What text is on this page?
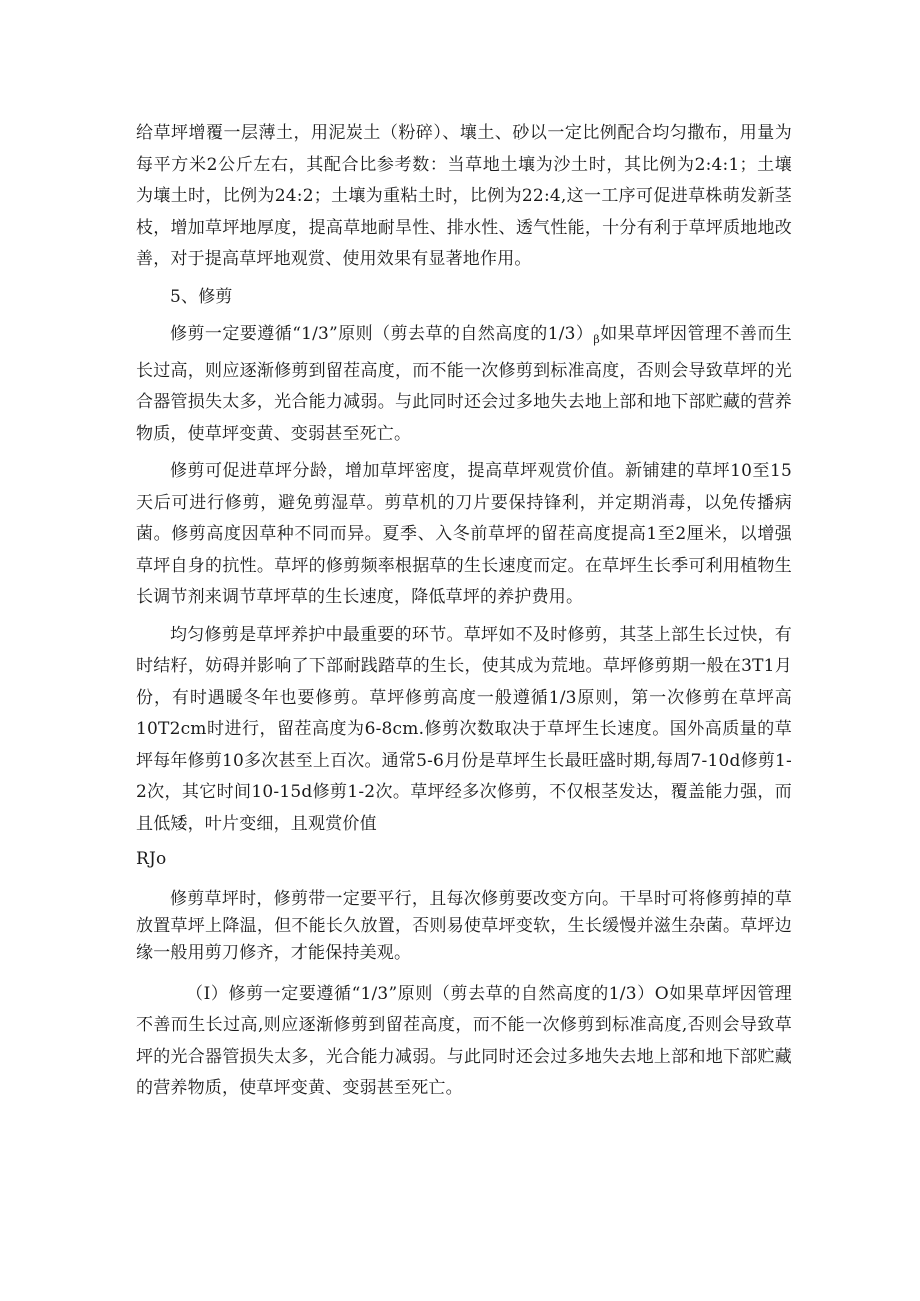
给草坪增覆一层薄土，用泥炭土（粉碎）、壤土、砂以一定比例配合均匀撒布，用量为每平方米2公斤左右，其配合比参考数：当草地土壤为沙土时，其比例为2:4:1；土壤为壤土时，比例为24:2；土壤为重粘土时，比例为22:4,这一工序可促进草株萌发新茎枝，增加草坪地厚度，提高草地耐旱性、排水性、透气性能，十分有利于草坪质地地改善，对于提高草坪地观赏、使用效果有显著地作用。

5、修剪

修剪一定要遵循“1/3”原则（剪去草的自然高度的$1/3)_\beta$如果草坪因管理不善而生长过高，则应逐渐修剪到留茬高度，而不能一次修剪到标准高度，否则会导致草坪的光合器管损失太多，光合能力减弱。与此同时还会过多地失去地上部和地下部贮藏的营养物质，使草坪变黄、变弱甚至死亡。

修剪可促进草坪分龄，增加草坪密度，提高草坪观赏价值。新铺建的草坪10至15天后可进行修剪，避免剪湿草。剪草机的刀片要保持锋利，并定期消毒，以免传播病菌。修剪高度因草种不同而异。夏季、入冬前草坪的留茬高度提高1至2厘米，以增强草坪自身的抗性。草坪的修剪频率根据草的生长速度而定。在草坪生长季可利用植物生长调节剂来调节草坪草的生长速度，降低草坪的养护费用。

均匀修剪是草坪养护中最重要的环节。草坪如不及时修剪，其茎上部生长过快，有时结籽，妨碍并影响了下部耐践踏草的生长，使其成为荒地。草坪修剪期一般在3T1月份，有时遇暖冬年也要修剪。草坪修剪高度一般遵循1/3原则，第一次修剪在草坪高10T2cm时进行，留茬高度为6-8cm.修剪次数取决于草坪生长速度。国外高质量的草坪每年修剪10多次甚至上百次。通常5-6月份是草坪生长最旺盛时期,每周7-10d修剪1-2次，其它时间10-15d修剪1-2次。草坪经多次修剪，不仅根茎发达，覆盖能力强，而且低矮，叶片变细，且观赏价值

RJo

修剪草坪时，修剪带一定要平行，且每次修剪要改变方向。干旱时可将修剪掉的草放置草坪上降温，但不能长久放置，否则易使草坪变软，生长缓慢并滋生杂菌。草坪边缘一般用剪刀修齐，才能保持美观。

（I）修剪一定要遵循“1/3”原则（剪去草的自然高度的1/3）O如果草坪因管理不善而生长过高,则应逐渐修剪到留茬高度，而不能一次修剪到标准高度,否则会导致草坪的光合器管损失太多，光合能力减弱。与此同时还会过多地失去地上部和地下部贮藏的营养物质，使草坪变黄、变弱甚至死亡。
